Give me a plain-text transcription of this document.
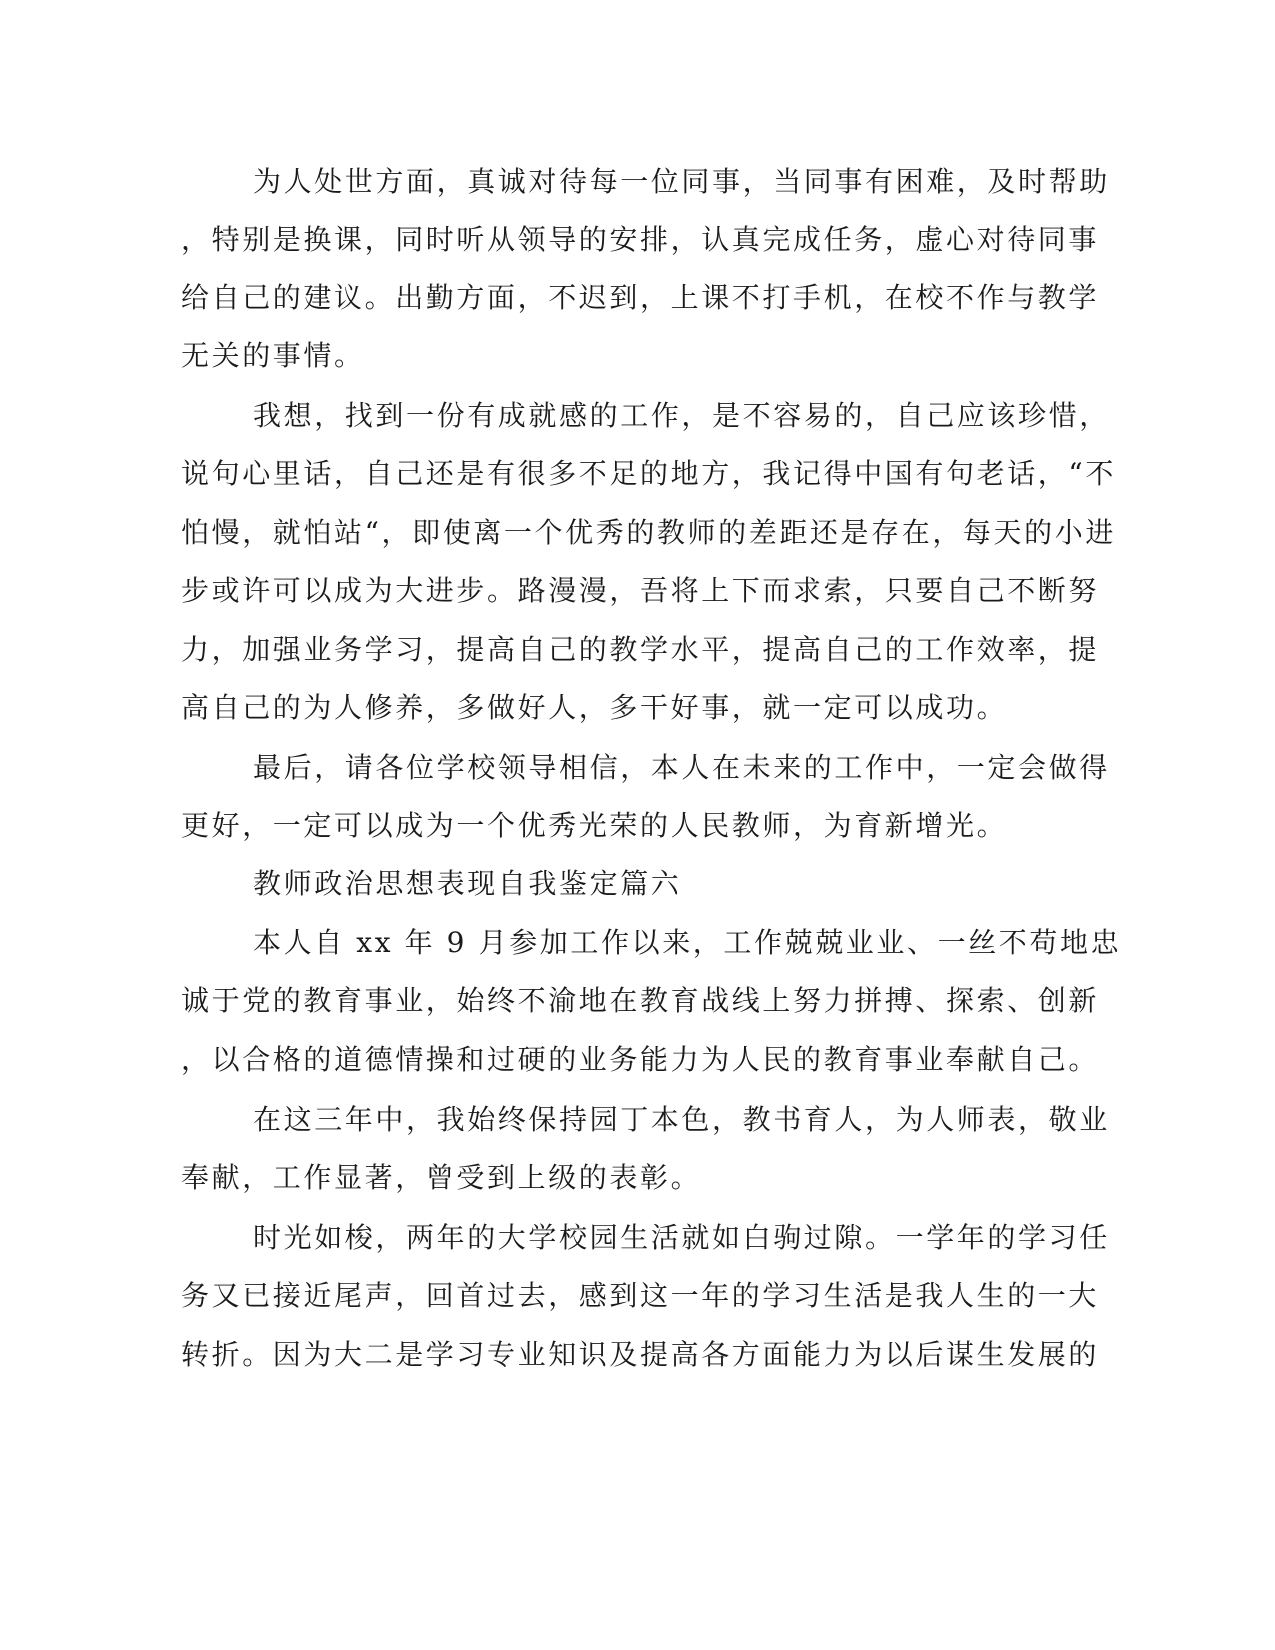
为人处世方面，真诚对待每一位同事，当同事有困难，及时帮助
，特别是换课，同时听从领导的安排，认真完成任务，虚心对待同事
给自己的建议。出勤方面，不迟到，上课不打手机，在校不作与教学
无关的事情。
我想，找到一份有成就感的工作，是不容易的，自己应该珍惜，
说句心里话，自己还是有很多不足的地方，我记得中国有句老话，“不
怕慢，就怕站“，即使离一个优秀的教师的差距还是存在，每天的小进
步或许可以成为大进步。路漫漫，吾将上下而求索，只要自己不断努
力，加强业务学习，提高自己的教学水平，提高自己的工作效率，提
高自己的为人修养，多做好人，多干好事，就一定可以成功。
最后，请各位学校领导相信，本人在未来的工作中，一定会做得
更好，一定可以成为一个优秀光荣的人民教师，为育新增光。
教师政治思想表现自我鉴定篇六
本人自 xx 年 9 月参加工作以来，工作兢兢业业、一丝不苟地忠
诚于党的教育事业，始终不渝地在教育战线上努力拼搏、探索、创新
，以合格的道德情操和过硬的业务能力为人民的教育事业奉献自己。
在这三年中，我始终保持园丁本色，教书育人，为人师表，敬业
奉献，工作显著，曾受到上级的表彰。
时光如梭，两年的大学校园生活就如白驹过隙。一学年的学习任
务又已接近尾声，回首过去，感到这一年的学习生活是我人生的一大
转折。因为大二是学习专业知识及提高各方面能力为以后谋生发展的
